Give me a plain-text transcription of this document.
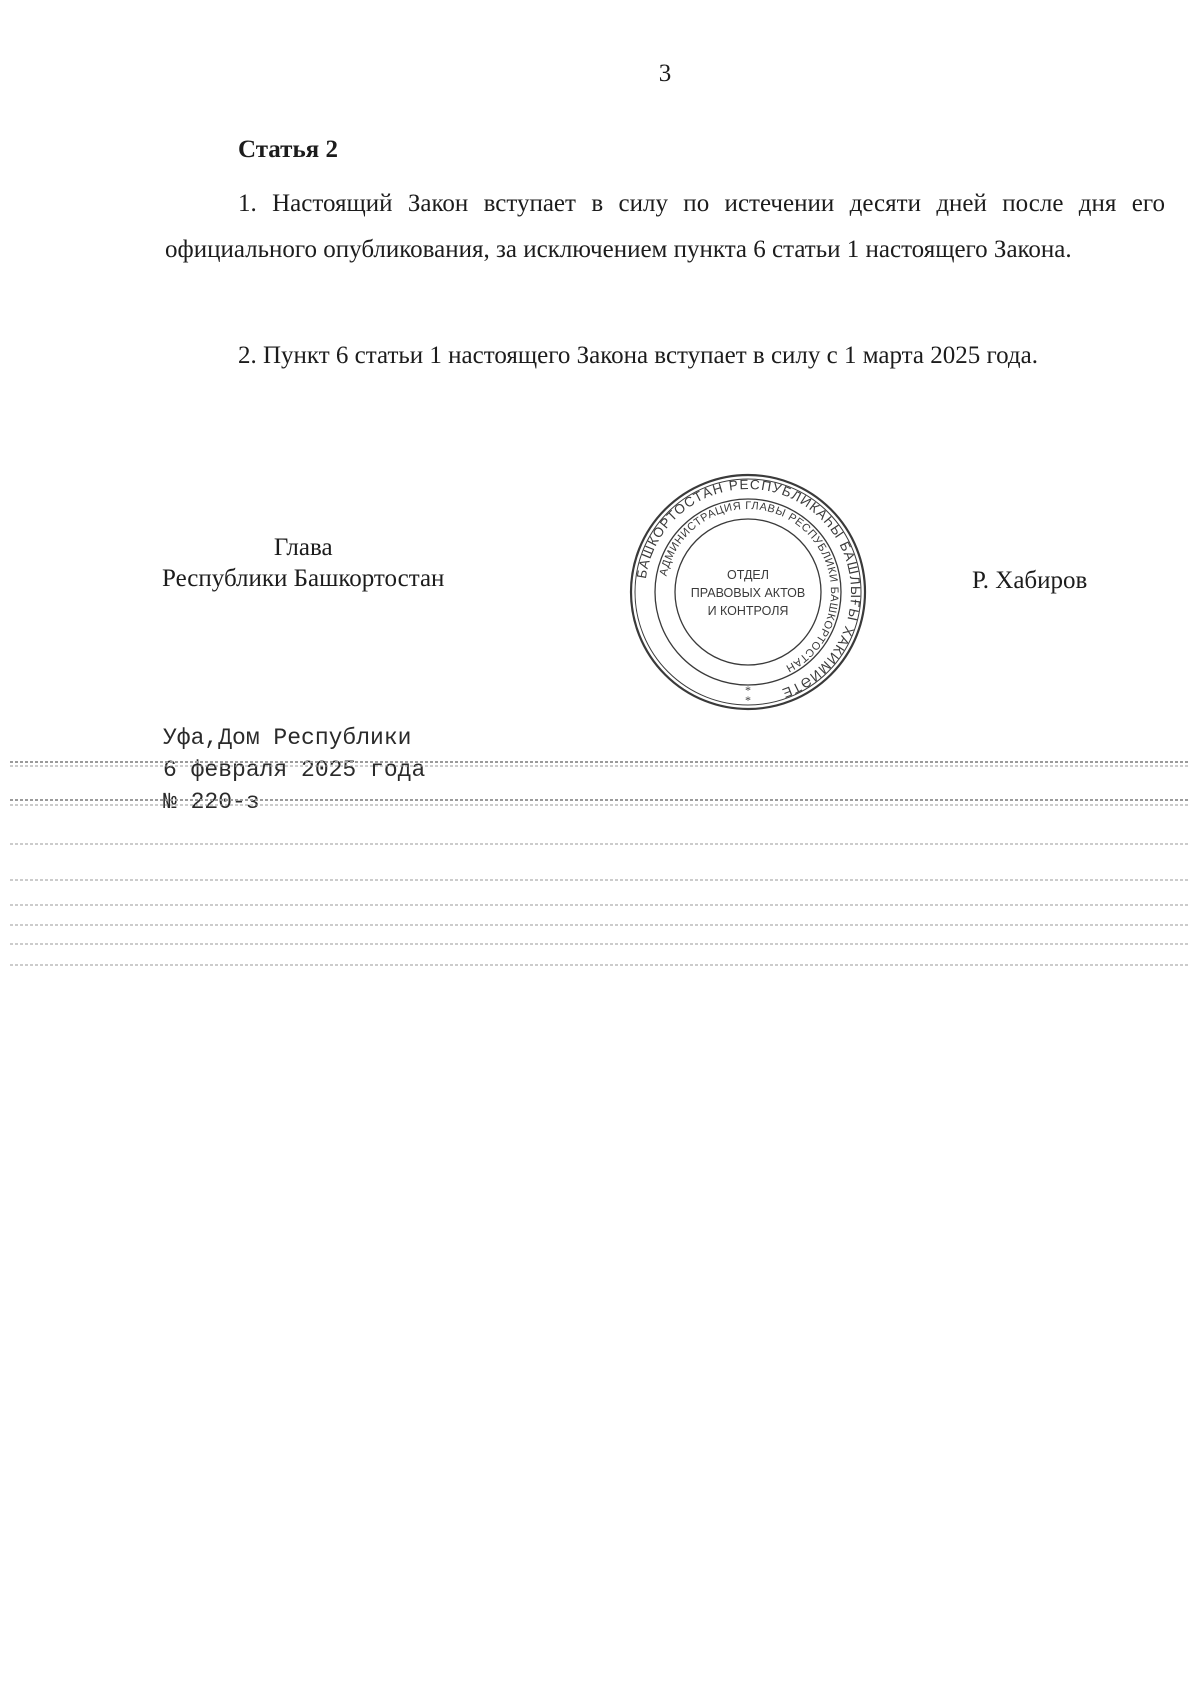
3
Статья 2

1. Настоящий Закон вступает в силу по истечении десяти дней после дня его официального опубликования, за исключением пункта 6 статьи 1 настоящего Закона.

2. Пункт 6 статьи 1 настоящего Закона вступает в силу с 1 марта 2025 года.

Глава
Республики Башкортостан	Р. Хабиров
БАШКОРТОСТАН РЕСПУБЛИКАҺЫ БАШЛЫҒЫ ХАКИМИӘТЕ
АДМИНИСТРАЦИЯ ГЛАВЫ РЕСПУБЛИКИ БАШКОРТОСТАН
ОТДЕЛ
ПРАВОВЫХ АКТОВ
И КОНТРОЛЯ
*
*
Уфа,Дом Республики
6 февраля 2025 года
№ 220-з
